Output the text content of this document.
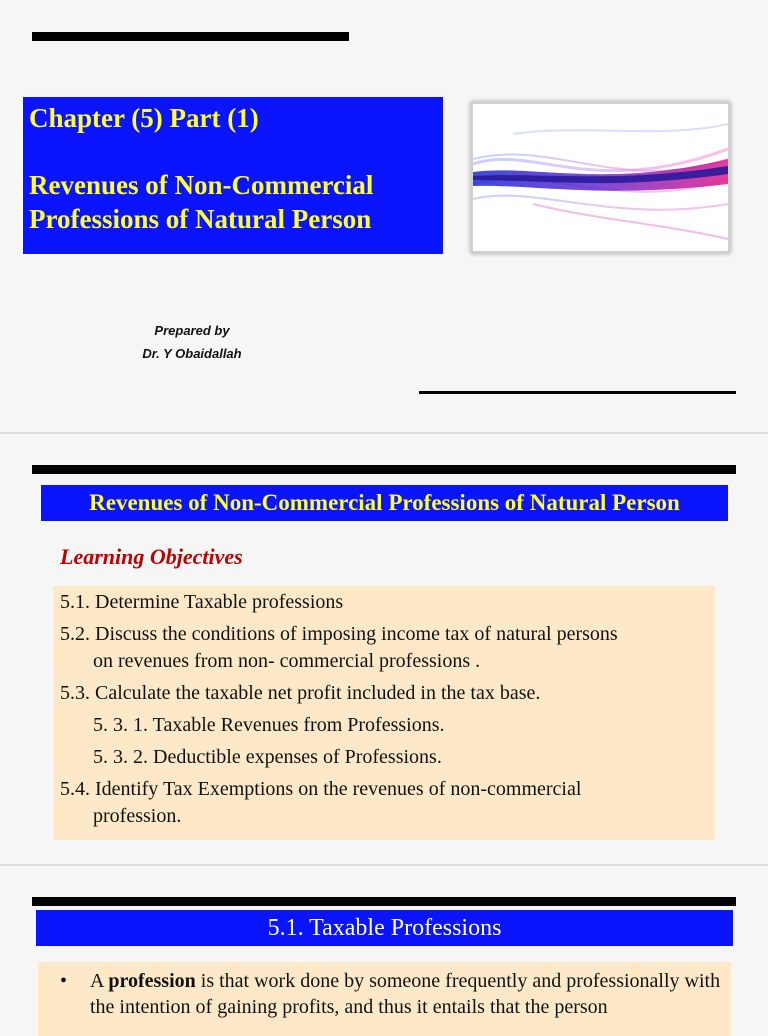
Chapter (5) Part (1)
Revenues of Non-Commercial Professions of Natural Person
Prepared by
Dr. Y Obaidallah
Revenues of Non-Commercial Professions of Natural Person
Learning Objectives
5.1. Determine Taxable professions
5.2. Discuss the conditions of imposing income tax of natural persons
on revenues from non- commercial professions .
5.3. Calculate the taxable net profit included in the tax base.
5. 3. 1. Taxable Revenues from Professions.
5. 3. 2. Deductible expenses of Professions.
5.4. Identify Tax Exemptions on the revenues of non-commercial
profession.
5.1. Taxable Professions
•	A profession is that work done by someone frequently and professionally with the intention of gaining profits, and thus it entails that the person
